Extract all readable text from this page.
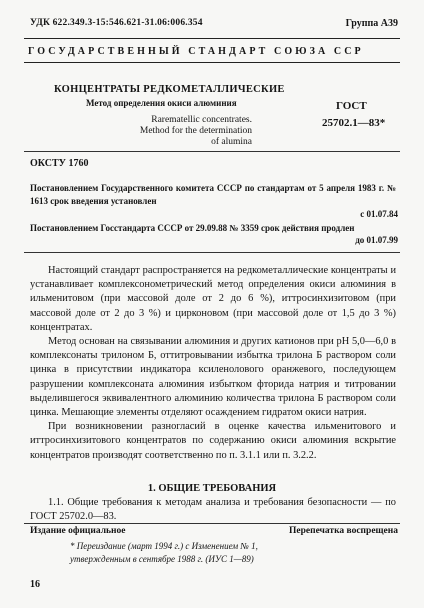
УДК 622.349.3-15:546.621-31.06:006.354	Группа А39
ГОСУДАРСТВЕННЫЙ СТАНДАРТ СОЮЗА ССР
КОНЦЕНТРАТЫ РЕДКОМЕТАЛЛИЧЕСКИЕ
Метод определения окиси алюминия
Rarematellic concentrates.
Method for the determination
of alumina
ГОСТ
25702.1—83*
ОКСТУ 1760
Постановлением Государственного комитета СССР по стандартам от 5 апреля 1983 г. № 1613 срок введения установлен
с 01.07.84
Постановлением Госстандарта СССР от 29.09.88 № 3359 срок действия продлен
до 01.07.99

Настоящий стандарт распространяется на редкометаллические концентраты и устанавливает комплексонометрический метод определения окиси алюминия в ильменитовом (при массовой доле от 2 до 6 %), иттросинхизитовом (при массовой доле от 2 до 3 %) и цирконовом (при массовой доле от 1,5 до 3 %) концентратах.

Метод основан на связывании алюминия и других катионов при pH 5,0—6,0 в комплексонаты трилоном Б, оттитровывании избытка трилона Б раствором соли цинка в присутствии индикатора ксиленолового оранжевого, последующем разрушении комплексоната алюминия избытком фторида натрия и титровании выделившегося эквивалентного алюминию количества трилона Б раствором соли цинка. Мешающие элементы отделяют осаждением гидратом окиси натрия.

При возникновении разногласий в оценке качества ильменитового и иттросинхизитового концентратов по содержанию окиси алюминия вскрытие концентратов производят соответственно по п. 3.1.1 или п. 3.2.2.

1. ОБЩИЕ ТРЕБОВАНИЯ

1.1. Общие требования к методам анализа и требования безопасности — по ГОСТ 25702.0—83.

Издание официальное	Перепечатка воспрещена
* Переиздание (март 1994 г.) с Изменением № 1,
утвержденным в сентябре 1988 г. (ИУС 1—89)
16
